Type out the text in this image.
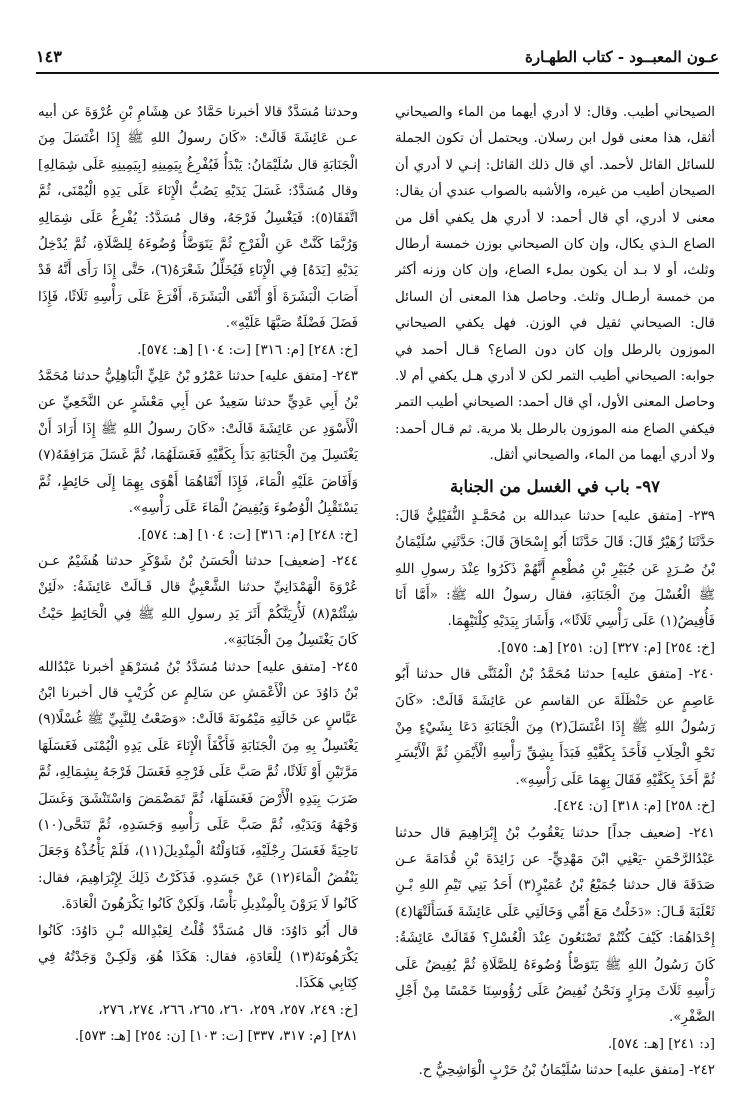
عـون المعبــود - كتاب الطهـارة
١٤٣

الصيحاني أطيب. وقال: لا أدري أيهما من الماء والصيحاني أثقل، هذا معنى قول ابن رسلان. ويحتمل أن تكون الجملة للسائل القائل لأحمد. أي قال ذلك القائل: إنـي لا أدري أن الصيحان أطيب من غيره، والأشبه بالصواب عندي أن يقال: معنى لا أدري، أي قال أحمد: لا أدري هل يكفي أقل من الصاع الـذي يكال، وإن كان الصيحاني بوزن خمسة أرطال وثلث، أو لا بـد أن يكون بملء الصاع، وإن كان وزنه أكثر من خمسة أرطـال وثلث. وحاصل هذا المعنى أن السائل قال: الصيحاني ثقيل في الوزن. فهل يكفي الصيحاني الموزون بالرطل وإن كان دون الصاع؟ قـال أحمد في جوابه: الصيحاني أطيب التمر لكن لا أدري هـل يكفي أم لا. وحاصل المعنى الأول، أي قال أحمد: الصيحاني أطيب التمر فيكفي الصاع منه الموزون بالرطل بلا مرية. ثم قـال أحمد: ولا أدري أيهما من الماء، والصيحاني أثقل.

٩٧- باب في الغسل من الجنابة

٢٣٩- [متفق عليه] حدثنا عبدالله بن مُحَمَّـدٍ النُّفَيْلِيُّ قَالَ: حَدَّثَنَا زُهَيْرٌ قَالَ: قَالَ حَدَّثَنَا أَبُو إِسْحَاقَ قَالَ: حَدَّثَنِي سُلَيْمَانُ بْنُ صُـرَدٍ عَن جُبَيْرِ بْنِ مُطْعِمٍ أَنَّهُمْ ذَكَرُوا عِنْدَ رسولِ اللهِ ﷺ الْغُسْلَ مِنَ الْجَنَابَةِ، فقال رسولُ الله ﷺ: «أَمَّا أَنَا فَأُفِيضُ(١) عَلَى رَأْسِي ثَلَاثًا»، وَأَشَارَ بِيَدَيْهِ كِلْتَيْهِمَا.

[خ: ٢٥٤] [م: ٣٢٧] [ن: ٢٥١] [هـ: ٥٧٥].

٢٤٠- [متفق عليه] حدثنا مُحَمَّدُ بْنُ الْمُثَنَّى قال حدثنا أَبُو عَاصِمٍ عن حَنْظَلَةَ عن القاسمِ عن عَائِشَةَ قَالَتْ: «كَانَ رَسُولُ اللهِ ﷺ إِذَا اغْتَسَلَ(٢) مِنَ الْجَنَابَةِ دَعَا بِشَيْءٍ مِنْ نَحْوِ الْحِلَابِ فَأَخَذَ بِكَفَّيْهِ فَبَدَأَ بِشِقِّ رَأْسِهِ الْأَيْمَنِ ثُمَّ الْأَيْسَرِ ثُمَّ أَخَذَ بِكَفَّيْهِ فَقَالَ بِهِمَا عَلَى رَأْسِهِ».

[خ: ٢٥٨] [م: ٣١٨] [ن: ٤٢٤].

٢٤١- [ضعيف جداً] حدثنا يَعْقُوبُ بْنُ إِبْرَاهِيمَ قال حدثنا عَبْدُالرَّحْمَنِ -يَعْنِي ابْنَ مَهْدِيٍّ- عن زَائِدَةَ بْنِ قُدَامَةَ عـن صَدَقَةَ قال حدثنا جُمَيْعُ بْنُ عُمَيْرٍ(٣) أَحَدُ بَنِي تَيْمِ اللهِ بْـنِ ثَعْلَبَةَ قَـالَ: «دَخَلْتُ مَعَ أُمِّي وَخَالَتِي عَلَى عَائِشَةَ فَسَأَلَتْهَا(٤) إِحْدَاهُمَا: كَيْفَ كُنْتُمْ تَصْنَعُونَ عِنْدَ الْغُسْلِ؟ فَقَالَتْ عَائِشَةُ: كَانَ رَسُولُ اللهِ ﷺ يَتَوَضَّأُ وُضُوءَهُ لِلصَّلَاةِ ثُمَّ يُفِيضُ عَلَى رَأْسِهِ ثَلَاثَ مِرَارٍ وَنَحْنُ نُفِيضُ عَلَى رُؤُوسِنَا خَمْسًا مِنْ أَجْلِ الضَّفْرِ».

[د: ٢٤١] [هـ: ٥٧٤].

٢٤٢- [متفق عليه] حدثنا سُلَيْمَانُ بْنُ حَرْبٍ الْوَاشِحِيُّ ح.

وحدثنا مُسَدَّدٌ قالا أخبرنا حَمَّادٌ عن هِشَامِ بْنِ عُرْوَةَ عن أبيه عـن عَائِشَةَ قَالَتْ: «كَانَ رسولُ اللهِ ﷺ إِذَا اغْتَسَلَ مِنَ الْجَنَابَةِ قال سُلَيْمَانُ: يَبْدَأُ فَيُفْرِغُ بِيَمِينِهِ [بِيَمِينِهِ عَلَى شِمَالِهِ] وقال مُسَدَّدٌ: غَسَلَ يَدَيْهِ يَصُبُّ الْإِنَاءَ عَلَى يَدِهِ الْيُمْنَى، ثُمَّ اتَّفَقَا(٥): فَيَغْسِلُ فَرْجَهُ، وقال مُسَدَّدٌ: يُفْرِغُ عَلَى شِمَالِهِ وَرُبَّمَا كَنَّتْ عَنِ الْفَرْجِ ثُمَّ يَتَوَضَّأُ وُضُوءَهُ لِلصَّلَاةِ، ثُمَّ يُدْخِلُ يَدَيْهِ [يَدَهُ] فِي الْإِنَاءِ فَيُخَلِّلُ شَعْرَهُ(٦)، حَتَّى إِذَا رَأَى أَنَّهُ قَدْ أَصَابَ الْبَشَرَةَ أَوْ أَنْقَى الْبَشَرَةَ، أَفْرَغَ عَلَى رَأْسِهِ ثَلَاثًا، فَإِذَا فَضَلَ فَضْلَةٌ صَبَّهَا عَلَيْهِ».

[خ: ٢٤٨] [م: ٣١٦] [ت: ١٠٤] [هـ: ٥٧٤].

٢٤٣- [متفق عليه] حدثنا عَمْرُو بْنُ عَلِيٍّ الْبَاهِلِيُّ حدثنا مُحَمَّدُ بْنُ أَبِي عَدِيٍّ حدثنا سَعِيدٌ عن أَبِي مَعْشَرٍ عن النَّخَعِيِّ عن الْأَسْوَدِ عن عَائِشَةَ قَالَتْ: «كَانَ رسولُ اللهِ ﷺ إِذَا أَرَادَ أَنْ يَغْتَسِلَ مِنَ الْجَنَابَةِ بَدَأَ بِكَفَّيْهِ فَغَسَلَهُمَا، ثُمَّ غَسَلَ مَرَافِقَهُ(٧) وَأَفَاضَ عَلَيْهِ الْمَاءَ، فَإِذَا أَنْقَاهُمَا أَهْوَى بِهِمَا إِلَى حَائِطٍ، ثُمَّ يَسْتَقْبِلُ الْوُضُوءَ وَيُفِيضُ الْمَاءَ عَلَى رَأْسِهِ».

[خ: ٢٤٨] [م: ٣١٦] [ت: ١٠٤] [هـ: ٥٧٤].

٢٤٤- [ضعيف] حدثنا الْحَسَنُ بْنُ شَوْكَرٍ حدثنا هُشَيْمٌ عـن عُرْوَةَ الْهَمْدَانِيِّ حدثنا الشَّعْبِيُّ قال قَـالَتْ عَائِشَةُ: «لَئِنْ شِئْتُمْ(٨) لَأُرِيَنَّكُمْ أَثَرَ يَدِ رسولِ اللهِ ﷺ فِي الْحَائِطِ حَيْثُ كَانَ يَغْتَسِلُ مِنَ الْجَنَابَةِ».

٢٤٥- [متفق عليه] حدثنا مُسَدَّدُ بْنُ مُسَرْهَدٍ أخبرنا عَبْدُالله بْنُ دَاوُدَ عن الْأَعْمَشِ عن سَالِمٍ عن كُرَيْبٍ قال أخبرنا ابْنُ عَبَّاسٍ عن خَالَتِهِ مَيْمُونَةَ قَالَتْ: «وَضَعْتُ لِلنَّبِيِّ ﷺ غُسْلًا(٩) يَغْتَسِلُ بِهِ مِنَ الْجَنَابَةِ فَأَكْفَأَ الْإِنَاءَ عَلَى يَدِهِ الْيُمْنَى فَغَسَلَهَا مَرَّتَيْنِ أَوْ ثَلَاثًا، ثُمَّ صَبَّ عَلَى فَرْجِهِ فَغَسَلَ فَرْجَهُ بِشِمَالِهِ، ثُمَّ ضَرَبَ بِيَدِهِ الْأَرْضَ فَغَسَلَهَا، ثُمَّ تَمَضْمَضَ وَاسْتَنْشَقَ وَغَسَلَ وَجْهَهُ وَيَدَيْهِ، ثُمَّ صَبَّ عَلَى رَأْسِهِ وَجَسَدِهِ، ثُمَّ تَنَحَّى(١٠) نَاحِيَةً فَغَسَلَ رِجْلَيْهِ، فَنَاوَلْتُهُ الْمِنْدِيلَ(١١)، فَلَمْ يَأْخُذْهُ وَجَعَلَ يَنْفُضُ الْمَاءَ(١٢) عَنْ جَسَدِهِ. فَذَكَرْتُ ذَلِكَ لِإِبْرَاهِيمَ، فقال: كَانُوا لَا يَرَوْنَ بِالْمِنْدِيلِ بَأْسًا، وَلَكِنْ كَانُوا يَكْرَهُونَ الْعَادَةَ.

قال أَبُو دَاوُدَ: قال مُسَدَّدٌ قُلْتُ لِعَبْدِالله بْـنِ دَاوُدَ: كَانُوا يَكْرَهُونَهُ(١٣) لِلْعَادَةِ، فقال: هَكَذَا هُوَ، وَلَكِـنْ وَجَدْتُهُ فِي كِتَابِي هَكَذَا.

[خ: ٢٤٩، ٢٥٧، ٢٥٩، ٢٦٠، ٢٦٥، ٢٦٦، ٢٧٤، ٢٧٦،

٢٨١] [م: ٣١٧، ٣٣٧] [ت: ١٠٣] [ن: ٢٥٤] [هـ: ٥٧٣].
